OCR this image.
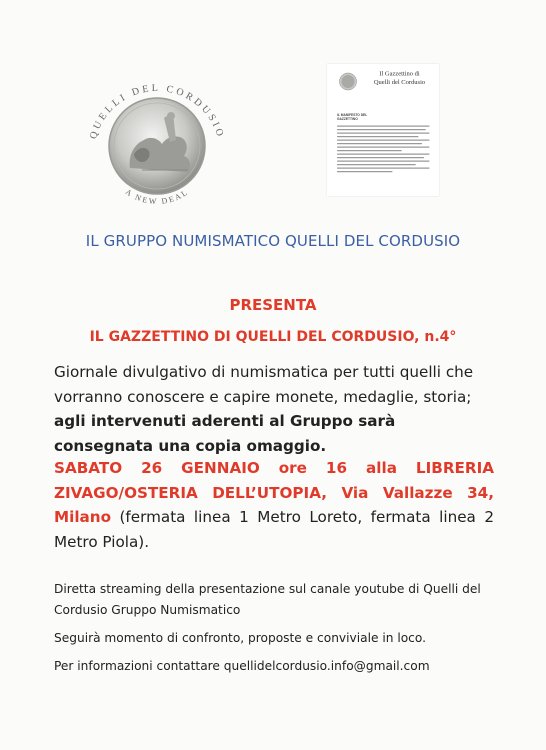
QUELLI DEL CORDUSIO
A NEW DEAL
Il Gazzettino di
Quelli del Cordusio
IL MANIFESTO DEL GAZZETTINO
IL GRUPPO NUMISMATICO QUELLI DEL CORDUSIO
PRESENTA
IL GAZZETTINO DI QUELLI DEL CORDUSIO, n.4°
Giornale divulgativo di numismatica per tutti quelli che vorranno conoscere e capire monete, medaglie, storia; agli intervenuti aderenti al Gruppo sarà consegnata una copia omaggio.
SABATO 26 GENNAIO ore 16 alla LIBRERIA ZIVAGO/OSTERIA DELL’UTOPIA, Via Vallazze 34, Milano (fermata linea 1 Metro Loreto, fermata linea 2 Metro Piola).
Diretta streaming della presentazione sul canale youtube di Quelli del Cordusio Gruppo Numismatico
Seguirà momento di confronto, proposte e conviviale in loco.
Per informazioni contattare quellidelcordusio.info@gmail.com
